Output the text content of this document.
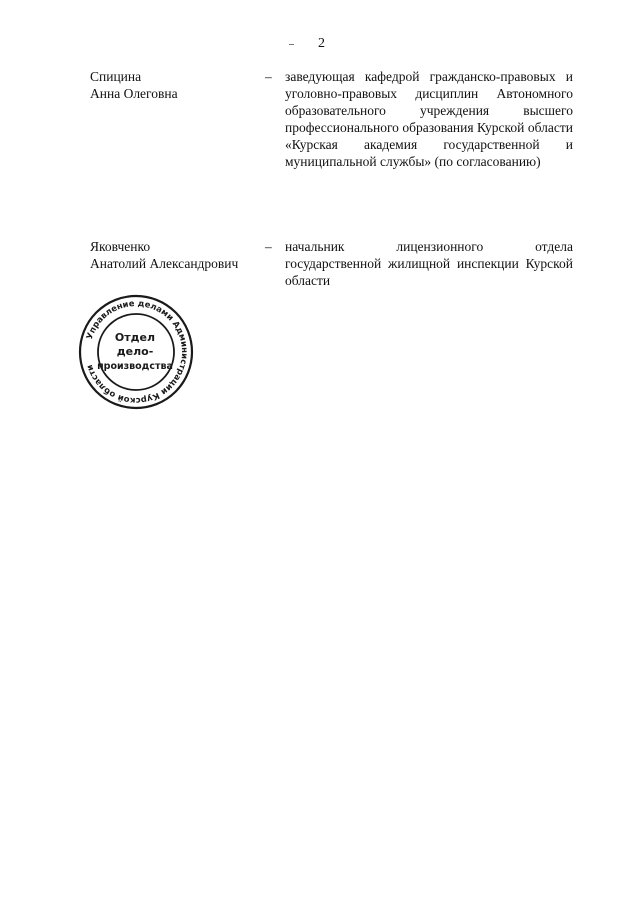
2
Спицина
Анна Олеговна
– заведующая кафедрой гражданско-правовых и уголовно-правовых дисциплин Автономного образовательного учреждения высшего профессионального образования Курской области «Курская академия государственной и муниципальной службы» (по согласованию)
Яковченко
Анатолий Александрович
– начальник лицензионного отдела государственной жилищной инспекции Курской области
Управление делами Администрации Курской области
Отдел
дело-
производства
